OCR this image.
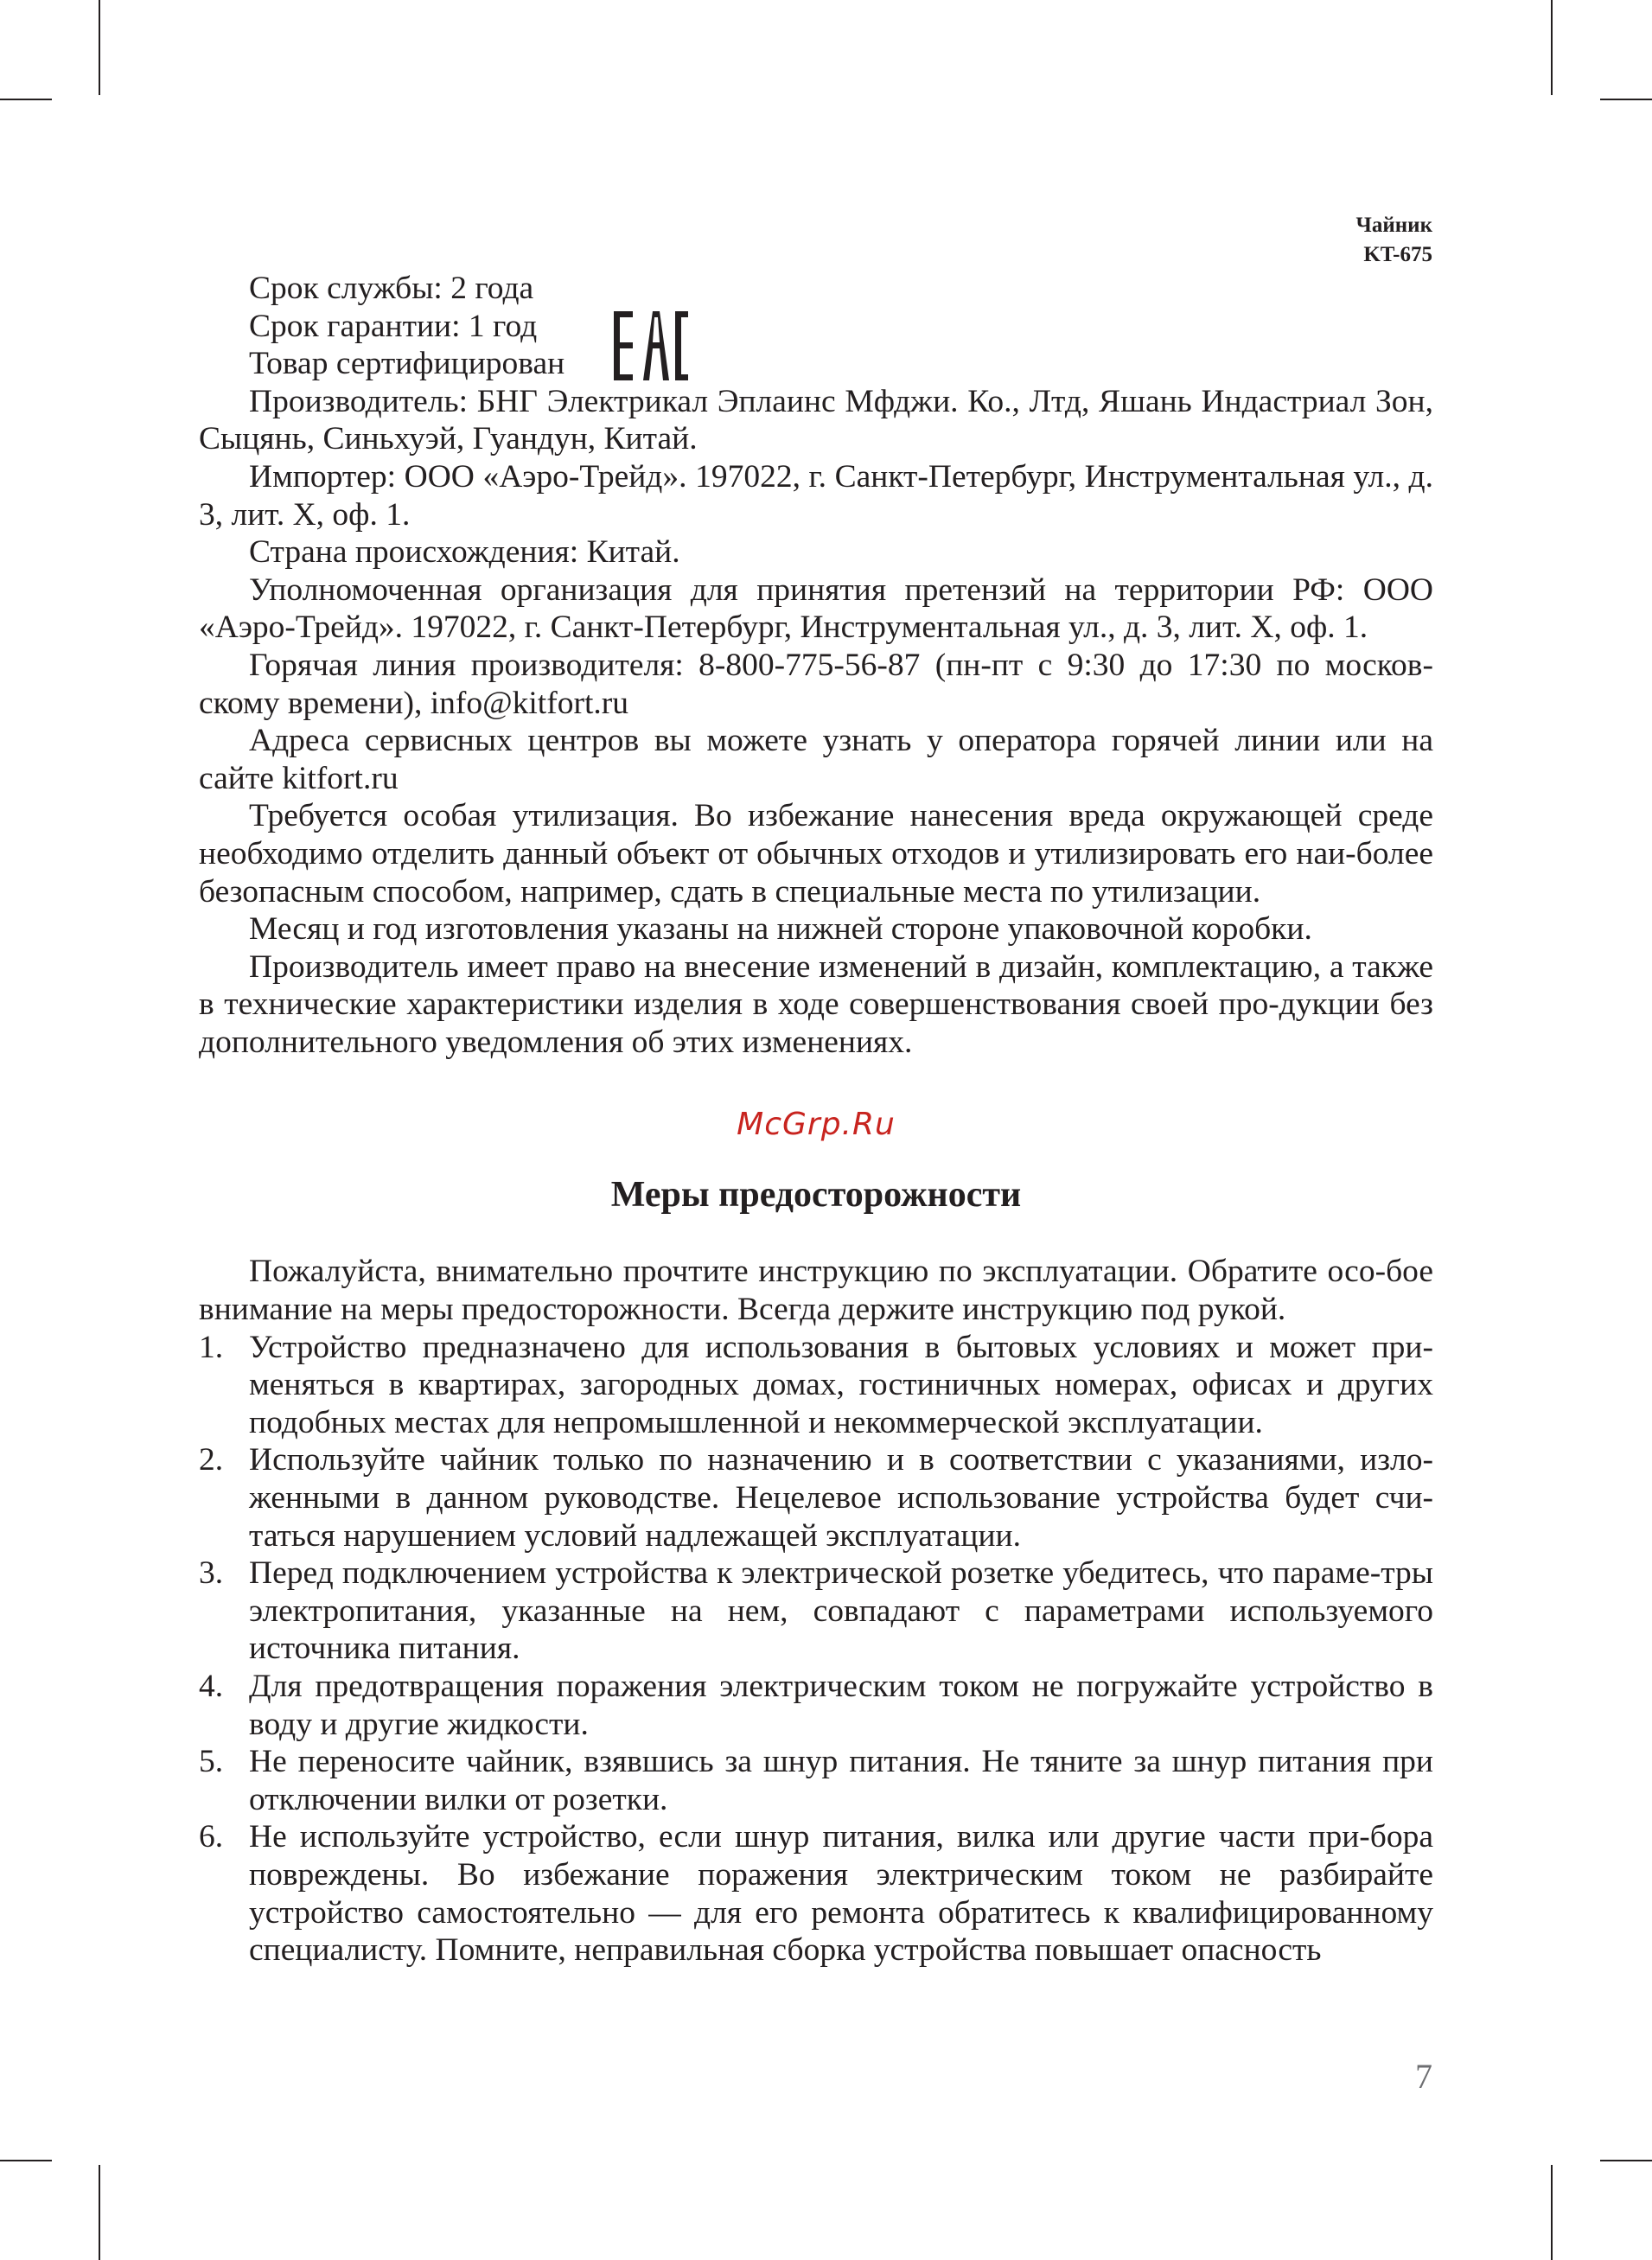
Чайник
KT-675

Срок службы: 2 года

Срок гарантии: 1 год

Товар сертифицирован

Производитель: БНГ Электрикал Эплаинс Мфджи. Ко., Лтд, Яшань Индастриал Зон, Сыцянь, Синьхуэй, Гуандун, Китай.

Импортер: ООО «Аэро-Трейд». 197022, г. Санкт-Петербург, Инструментальная ул., д. 3, лит. Х, оф. 1.

Страна происхождения: Китай.

Уполномоченная организация для принятия претензий на территории РФ: ООО «Аэро-Трейд». 197022, г. Санкт-Петербург, Инструментальная ул., д. 3, лит. Х, оф. 1.

Горячая линия производителя: 8-800-775-56-87 (пн-пт с 9:30 до 17:30 по москов-скому времени), info@kitfort.ru

Адреса сервисных центров вы можете узнать у оператора горячей линии или на сайте kitfort.ru

Требуется особая утилизация. Во избежание нанесения вреда окружающей среде необходимо отделить данный объект от обычных отходов и утилизировать его наи-более безопасным способом, например, сдать в специальные места по утилизации.

Месяц и год изготовления указаны на нижней стороне упаковочной коробки.

Производитель имеет право на внесение изменений в дизайн, комплектацию, а также в технические характеристики изделия в ходе совершенствования своей про-дукции без дополнительного уведомления об этих изменениях.

McGrp.Ru
Меры предосторожности

Пожалуйста, внимательно прочтите инструкцию по эксплуатации. Обратите осо-бое внимание на меры предосторожности. Всегда держите инструкцию под рукой.

1. Устройство предназначено для использования в бытовых условиях и может при-меняться в квартирах, загородных домах, гостиничных номерах, офисах и других подобных местах для непромышленной и некоммерческой эксплуатации.
2. Используйте чайник только по назначению и в соответствии с указаниями, изло-женными в данном руководстве. Нецелевое использование устройства будет счи-таться нарушением условий надлежащей эксплуатации.
3. Перед подключением устройства к электрической розетке убедитесь, что параме-тры электропитания, указанные на нем, совпадают с параметрами используемого источника питания.
4. Для предотвращения поражения электрическим током не погружайте устройство в воду и другие жидкости.
5. Не переносите чайник, взявшись за шнур питания. Не тяните за шнур питания при отключении вилки от розетки.
6. Не используйте устройство, если шнур питания, вилка или другие части при-бора повреждены. Во избежание поражения электрическим током не разбирайте устройство самостоятельно — для его ремонта обратитесь к квалифицированному специалисту. Помните, неправильная сборка устройства повышает опасность
7
